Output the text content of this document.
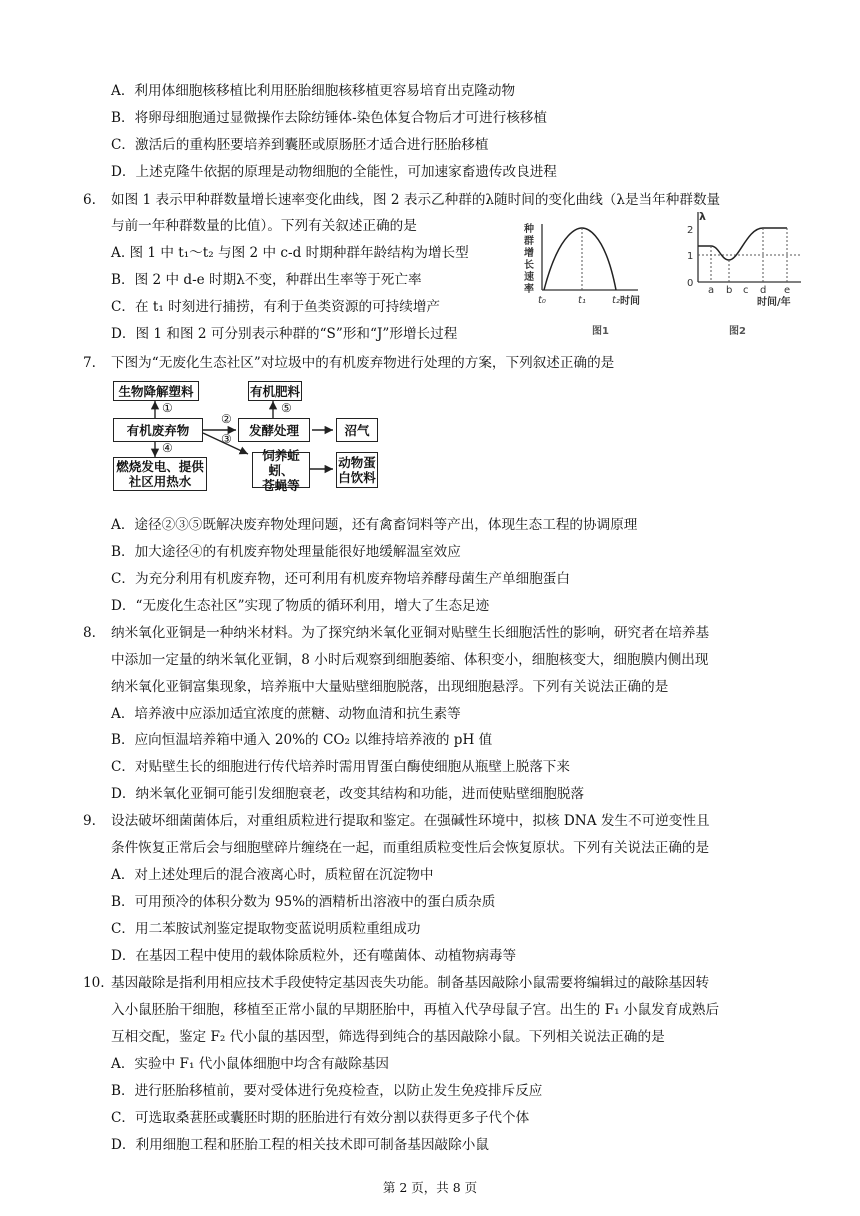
A．利用体细胞核移植比利用胚胎细胞核移植更容易培育出克隆动物
B．将卵母细胞通过显微操作去除纺锤体-染色体复合物后才可进行核移植
C．激活后的重构胚要培养到囊胚或原肠胚才适合进行胚胎移植
D．上述克隆牛依据的原理是动物细胞的全能性，可加速家畜遗传改良进程
6. 如图 1 表示甲种群数量增长速率变化曲线，图 2 表示乙种群的λ随时间的变化曲线（λ是当年种群数量
与前一年种群数量的比值）。下列有关叙述正确的是
A. 图 1 中 t₁～t₂ 与图 2 中 c-d 时期种群年龄结构为增长型
B．图 2 中 d-e 时期λ不变，种群出生率等于死亡率
C．在 t₁ 时刻进行捕捞，有利于鱼类资源的可持续增产
D．图 1 和图 2 可分别表示种群的“S”形和“J”形增长过程
种
群
增
长
速
率
t₀	t₁	t₂ 时间
图1
λ
2
1
0
a b c d e
时间/年
图2
7. 下图为“无废化生态社区”对垃圾中的有机废弃物进行处理的方案，下列叙述正确的是
生物降解塑料
有机废弃物
燃烧发电、提供
社区用热水
有机肥料
发酵处理	沼气
饲养蚯蚓、
苍蝇等
动物蛋
白饮料
①
②
③
④
⑤
A．途径②③⑤既解决废弃物处理问题，还有禽畜饲料等产出，体现生态工程的协调原理
B．加大途径④的有机废弃物处理量能很好地缓解温室效应
C．为充分利用有机废弃物，还可利用有机废弃物培养酵母菌生产单细胞蛋白
D．“无废化生态社区”实现了物质的循环利用，增大了生态足迹
8. 纳米氧化亚铜是一种纳米材料。为了探究纳米氧化亚铜对贴壁生长细胞活性的影响，研究者在培养基
中添加一定量的纳米氧化亚铜，8 小时后观察到细胞萎缩、体积变小，细胞核变大，细胞膜内侧出现
纳米氧化亚铜富集现象，培养瓶中大量贴壁细胞脱落，出现细胞悬浮。下列有关说法正确的是
A．培养液中应添加适宜浓度的蔗糖、动物血清和抗生素等
B．应向恒温培养箱中通入 20%的 CO₂ 以维持培养液的 pH 值
C．对贴壁生长的细胞进行传代培养时需用胃蛋白酶使细胞从瓶壁上脱落下来
D．纳米氧化亚铜可能引发细胞衰老，改变其结构和功能，进而使贴壁细胞脱落
9. 设法破坏细菌菌体后，对重组质粒进行提取和鉴定。在强碱性环境中，拟核 DNA 发生不可逆变性且
条件恢复正常后会与细胞壁碎片缠绕在一起，而重组质粒变性后会恢复原状。下列有关说法正确的是
A．对上述处理后的混合液离心时，质粒留在沉淀物中
B．可用预冷的体积分数为 95%的酒精析出溶液中的蛋白质杂质
C．用二苯胺试剂鉴定提取物变蓝说明质粒重组成功
D．在基因工程中使用的载体除质粒外，还有噬菌体、动植物病毒等
10. 基因敲除是指利用相应技术手段使特定基因丧失功能。制备基因敲除小鼠需要将编辑过的敲除基因转
入小鼠胚胎干细胞，移植至正常小鼠的早期胚胎中，再植入代孕母鼠子宫。出生的 F₁ 小鼠发育成熟后
互相交配，鉴定 F₂ 代小鼠的基因型，筛选得到纯合的基因敲除小鼠。下列相关说法正确的是
A．实验中 F₁ 代小鼠体细胞中均含有敲除基因
B．进行胚胎移植前，要对受体进行免疫检查，以防止发生免疫排斥反应
C．可选取桑葚胚或囊胚时期的胚胎进行有效分割以获得更多子代个体
D．利用细胞工程和胚胎工程的相关技术即可制备基因敲除小鼠
第 2 页，共 8 页
